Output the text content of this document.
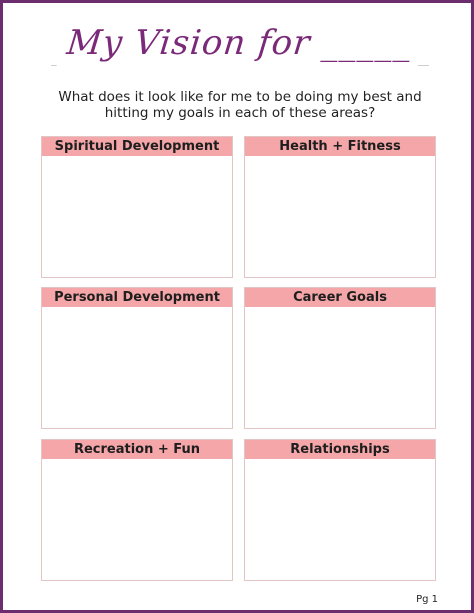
My Vision for _____
What does it look like for me to be doing my best and hitting my goals in each of these areas?
Spiritual Development	Health + Fitness
Personal Development	Career Goals
Recreation + Fun	Relationships
Pg 1
